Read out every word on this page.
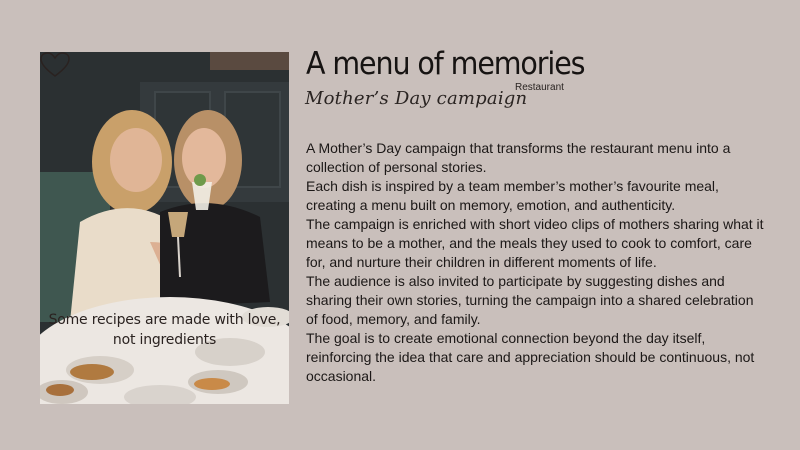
Some recipes are made with love, not ingredients
A menu of memories
Restaurant
Mother’s Day campaign

A Mother’s Day campaign that transforms the restaurant menu into a collection of personal stories.

Each dish is inspired by a team member’s mother’s favourite meal, creating a menu built on memory, emotion, and authenticity.

The campaign is enriched with short video clips of mothers sharing what it means to be a mother, and the meals they used to cook to comfort, care for, and nurture their children in different moments of life.

The audience is also invited to participate by suggesting dishes and sharing their own stories, turning the campaign into a shared celebration of food, memory, and family.

The goal is to create emotional connection beyond the day itself, reinforcing the idea that care and appreciation should be continuous, not occasional.
